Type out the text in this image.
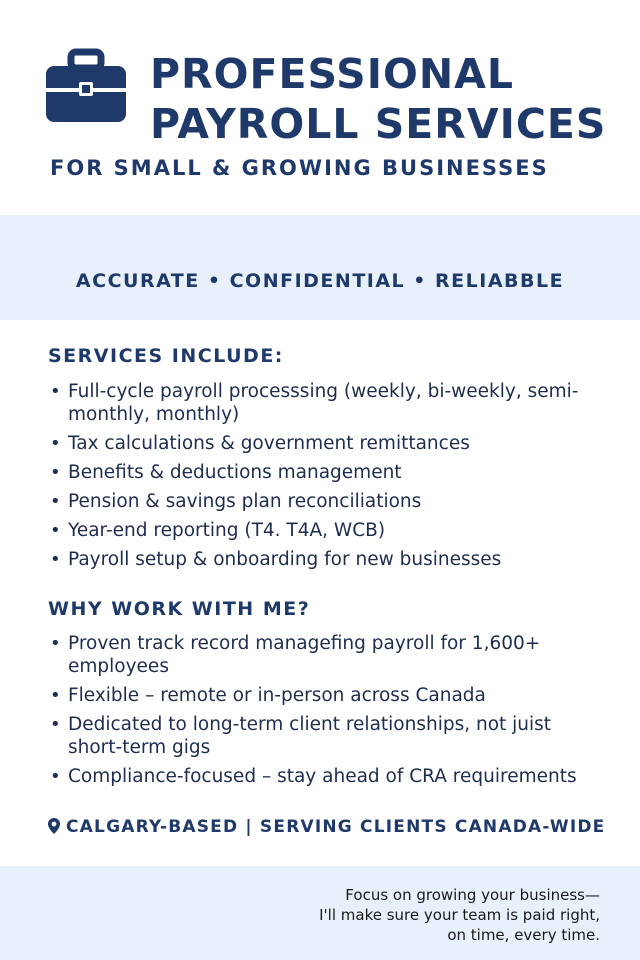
PROFESSIONAL
PAYROLL SERVICES
FOR SMALL & GROWING BUSINESSES
ACCURATE • CONFIDENTIAL • RELIABBLE
SERVICES INCLUDE:
• Full-cycle payroll processsing (weekly, bi-weekly, semi-monthly, monthly)
• Tax calculations & government remittances
• Benefits & deductions management
• Pension & savings plan reconciliations
• Year-end reporting (T4. T4A, WCB)
• Payroll setup & onboarding for new businesses
WHY WORK WITH ME?
• Proven track record managefing payroll for 1,600+ employees
• Flexible – remote or in-person across Canada
• Dedicated to long-term client relationships, not juist short-term gigs
• Compliance-focused – stay ahead of CRA requirements
CALGARY-BASED | SERVING CLIENTS CANADA-WIDE
Focus on growing your business—
I'll make sure your team is paid right,
on time, every time.
